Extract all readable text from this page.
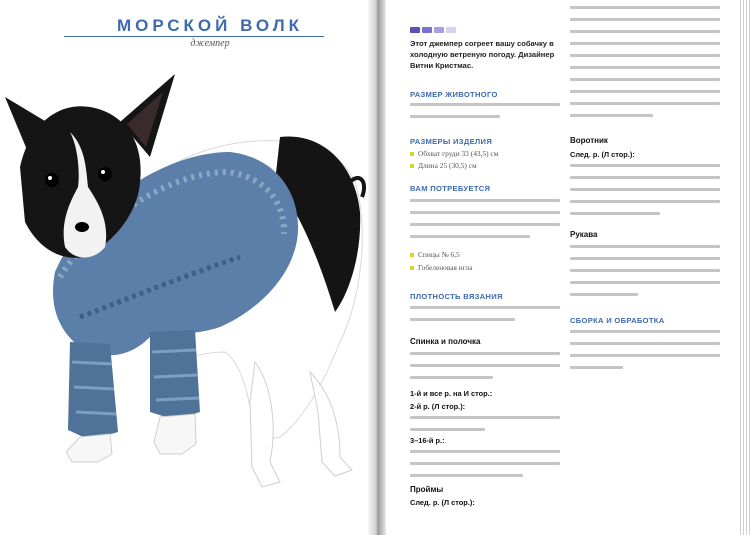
МОРСКОЙ ВОЛК
джемпер	Этот джемпер согреет вашу собачку в холодную ветреную погоду. Дизайнер Витни Кристмас.
РАЗМЕР ЖИВОТНОГО
РАЗМЕРЫ ИЗДЕЛИЯ
Обхват груди 33 (43,5) см
Длина 25 (30,5) см
ВАМ ПОТРЕБУЕТСЯ
Спицы № 6,5
Гобеленовая игла
ПЛОТНОСТЬ ВЯЗАНИЯ
Спинка и полочка
1-й и все р. на И стор.:
2-й р. (Л стор.):
3–16-й р.:
Проймы
След. р. (Л стор.):
Воротник
След. р. (Л стор.):
Рукава
СБОРКА И ОБРАБОТКА
